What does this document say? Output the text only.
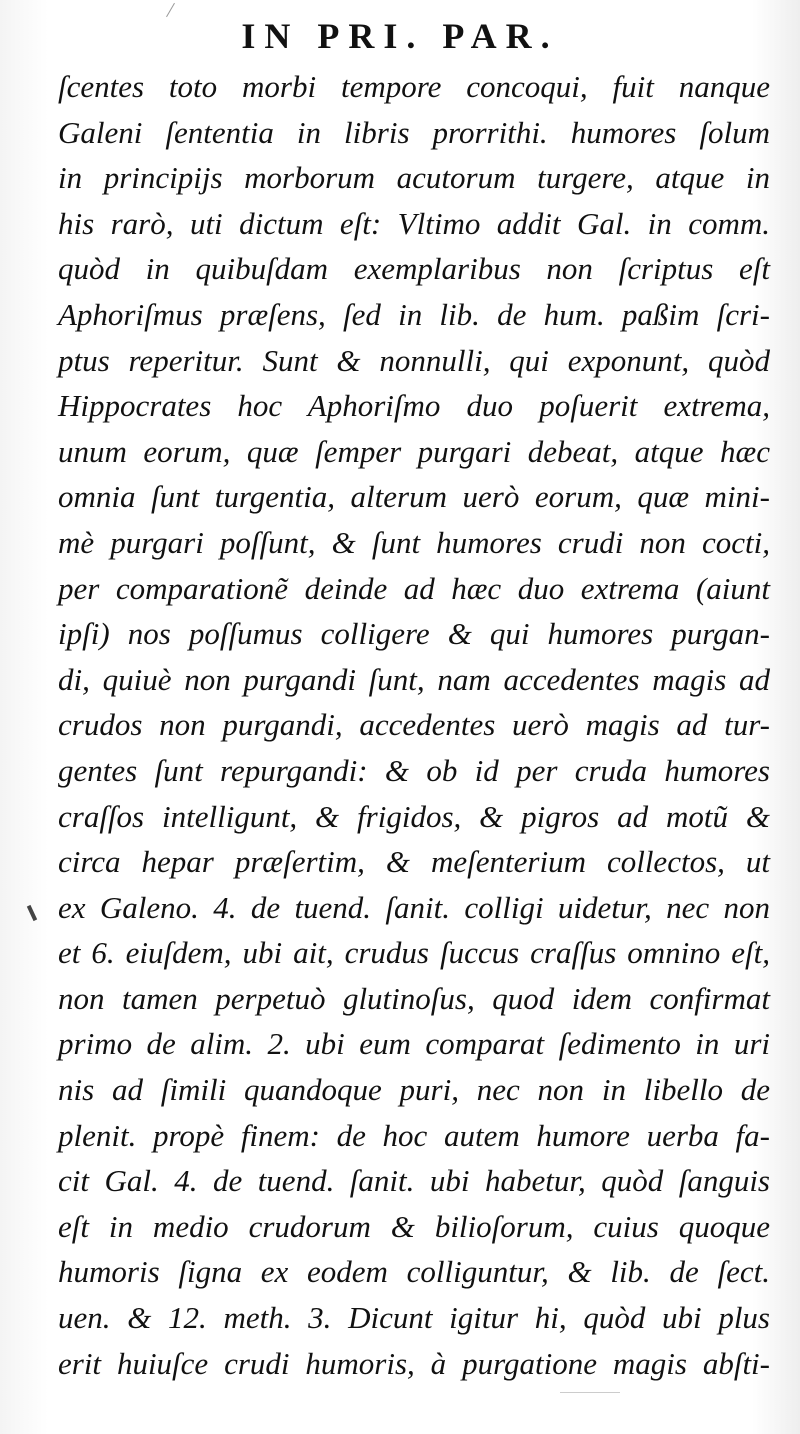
IN PRI. PAR.
ſcentes toto morbi tempore concoqui, fuit nanque
Galeni ſententia in libris prorrithi. humores ſolum
in principijs morborum acutorum turgere, atque in
his rarò, uti dictum eſt: Vltimo addit Gal. in comm.
quòd in quibuſdam exemplaribus non ſcriptus eſt
Aphoriſmus præſens, ſed in lib. de hum. paßim ſcri-
ptus reperitur. Sunt & nonnulli, qui exponunt, quòd
Hippocrates hoc Aphoriſmo duo poſuerit extrema,
unum eorum, quæ ſemper purgari debeat, atque hæc
omnia ſunt turgentia, alterum uerò eorum, quæ mini-
mè purgari poſſunt, & ſunt humores crudi non cocti,
per comparationẽ deinde ad hæc duo extrema (aiunt
ipſi) nos poſſumus colligere & qui humores purgan-
di, quiuè non purgandi ſunt, nam accedentes magis ad
crudos non purgandi, accedentes uerò magis ad tur-
gentes ſunt repurgandi: & ob id per cruda humores
craſſos intelligunt, & frigidos, & pigros ad motũ &
circa hepar præſertim, & meſenterium collectos, ut
ex Galeno. 4. de tuend. ſanit. colligi uidetur, nec non
et 6. eiuſdem, ubi ait, crudus ſuccus craſſus omnino eſt,
non tamen perpetuò glutinoſus, quod idem confirmat
primo de alim. 2. ubi eum comparat ſedimento in uri
nis ad ſimili quandoque puri, nec non in libello de
plenit. propè finem: de hoc autem humore uerba fa-
cit Gal. 4. de tuend. ſanit. ubi habetur, quòd ſanguis
eſt in medio crudorum & bilioſorum, cuius quoque
humoris ſigna ex eodem colliguntur, & lib. de ſect.
uen. & 12. meth. 3. Dicunt igitur hi, quòd ubi plus
erit huiuſce crudi humoris, à purgatione magis abſti-
